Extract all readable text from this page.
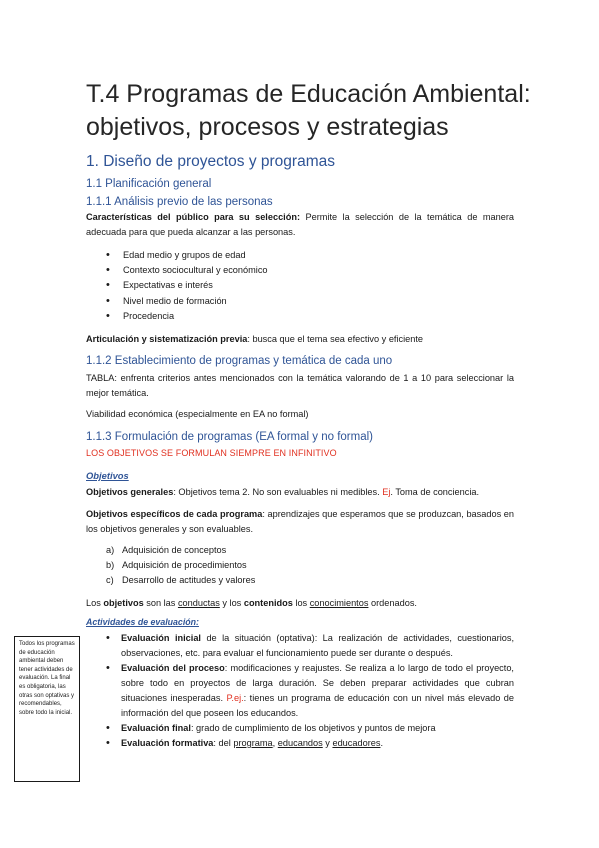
T.4 Programas de Educación Ambiental: objetivos, procesos y estrategias
1. Diseño de proyectos y programas
1.1 Planificación general
1.1.1 Análisis previo de las personas
Características del público para su selección: Permite la selección de la temática de manera adecuada para que pueda alcanzar a las personas.
• Edad medio y grupos de edad
• Contexto sociocultural y económico
• Expectativas e interés
• Nivel medio de formación
• Procedencia
Articulación y sistematización previa: busca que el tema sea efectivo y eficiente
1.1.2 Establecimiento de programas y temática de cada uno
TABLA: enfrenta criterios antes mencionados con la temática valorando de 1 a 10 para seleccionar la mejor temática.
Viabilidad económica (especialmente en EA no formal)
1.1.3 Formulación de programas (EA formal y no formal)
LOS OBJETIVOS SE FORMULAN SIEMPRE EN INFINITIVO
Objetivos
Objetivos generales: Objetivos tema 2. No son evaluables ni medibles. Ej. Toma de conciencia.
Objetivos específicos de cada programa: aprendizajes que esperamos que se produzcan, basados en los objetivos generales y son evaluables.
a) Adquisición de conceptos
b) Adquisición de procedimientos
c) Desarrollo de actitudes y valores
Los objetivos son las conductas y los contenidos los conocimientos ordenados.
Actividades de evaluación:
• Evaluación inicial de la situación (optativa): La realización de actividades, cuestionarios, observaciones, etc. para evaluar el funcionamiento puede ser durante o después.
• Evaluación del proceso: modificaciones y reajustes. Se realiza a lo largo de todo el proyecto, sobre todo en proyectos de larga duración. Se deben preparar actividades que cubran situaciones inesperadas. P.ej.: tienes un programa de educación con un nivel más elevado de información del que poseen los educandos.
• Evaluación final: grado de cumplimiento de los objetivos y puntos de mejora
• Evaluación formativa: del programa, educandos y educadores.
Todos los programas de educación ambiental deben tener actividades de evaluación. La final es obligatoria, las otras son optativas y recomendables, sobre todo la inicial.
